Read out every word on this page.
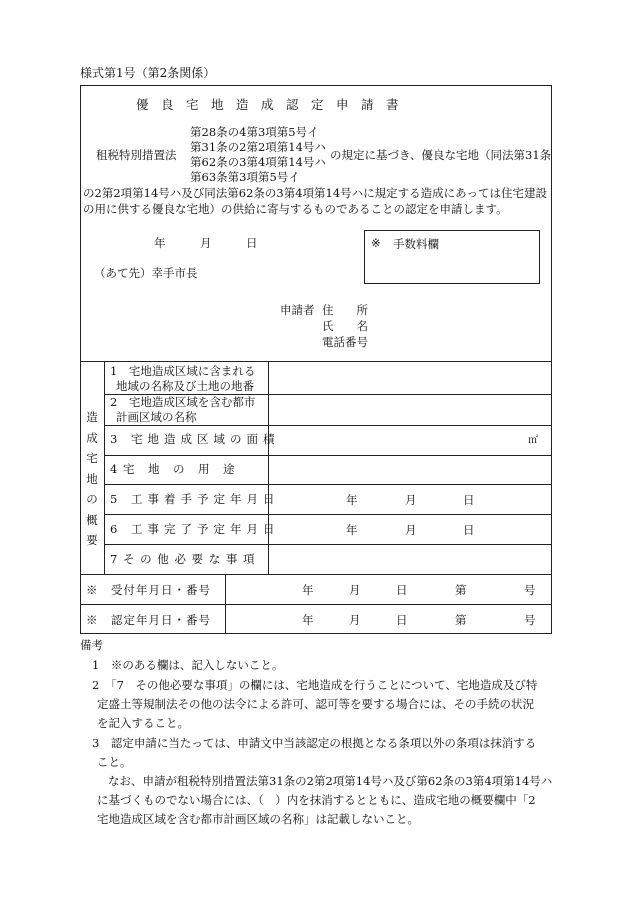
様式第1号（第2条関係）
優　良　宅　地　造　成　認　定　申　請　書
租税特別措置法
第28条の4第3項第5号イ
第31条の2第2項第14号ハ
第62条の3第4項第14号ハ
第63条第3項第5号イ
の規定に基づき、優良な宅地（同法第31条
の2第2項第14号ハ及び同法第62条の3第4項第14号ハに規定する造成にあっては住宅建設
の用に供する優良な宅地）の供給に寄与するものであることの認定を申請します。
年　　　月　　　日
（あて先）幸手市長
※ 手数料欄
申請者 住　　所
氏　　名
電話番号
造
成
宅
地
の
概
要
1　宅地造成区域に含まれる
地域の名称及び土地の地番
2　宅地造成区域を含む都市
計画区域の名称
3 宅地造成区域の面積	㎡
4 宅　地　の　用　途
5 工事着手予定年月日	年	月	日
6 工事完了予定年月日	年	月	日
7 そ の 他 必 要 な 事 項
※　受付年月日・番号	年	月	日	第	号
※　認定年月日・番号	年	月	日	第	号
備考
1　※のある欄は、記入しないこと。
2　「7　その他必要な事項」の欄には、宅地造成を行うことについて、宅地造成及び特
定盛土等規制法その他の法令による許可、認可等を要する場合には、その手続の状況
を記入すること。
3　認定申請に当たっては、申請文中当該認定の根拠となる条項以外の条項は抹消する
こと。
なお、申請が租税特別措置法第31条の2第2項第14号ハ及び第62条の3第4項第14号ハ
に基づくものでない場合には、（　）内を抹消するとともに、造成宅地の概要欄中「2
宅地造成区域を含む都市計画区域の名称」は記載しないこと。
